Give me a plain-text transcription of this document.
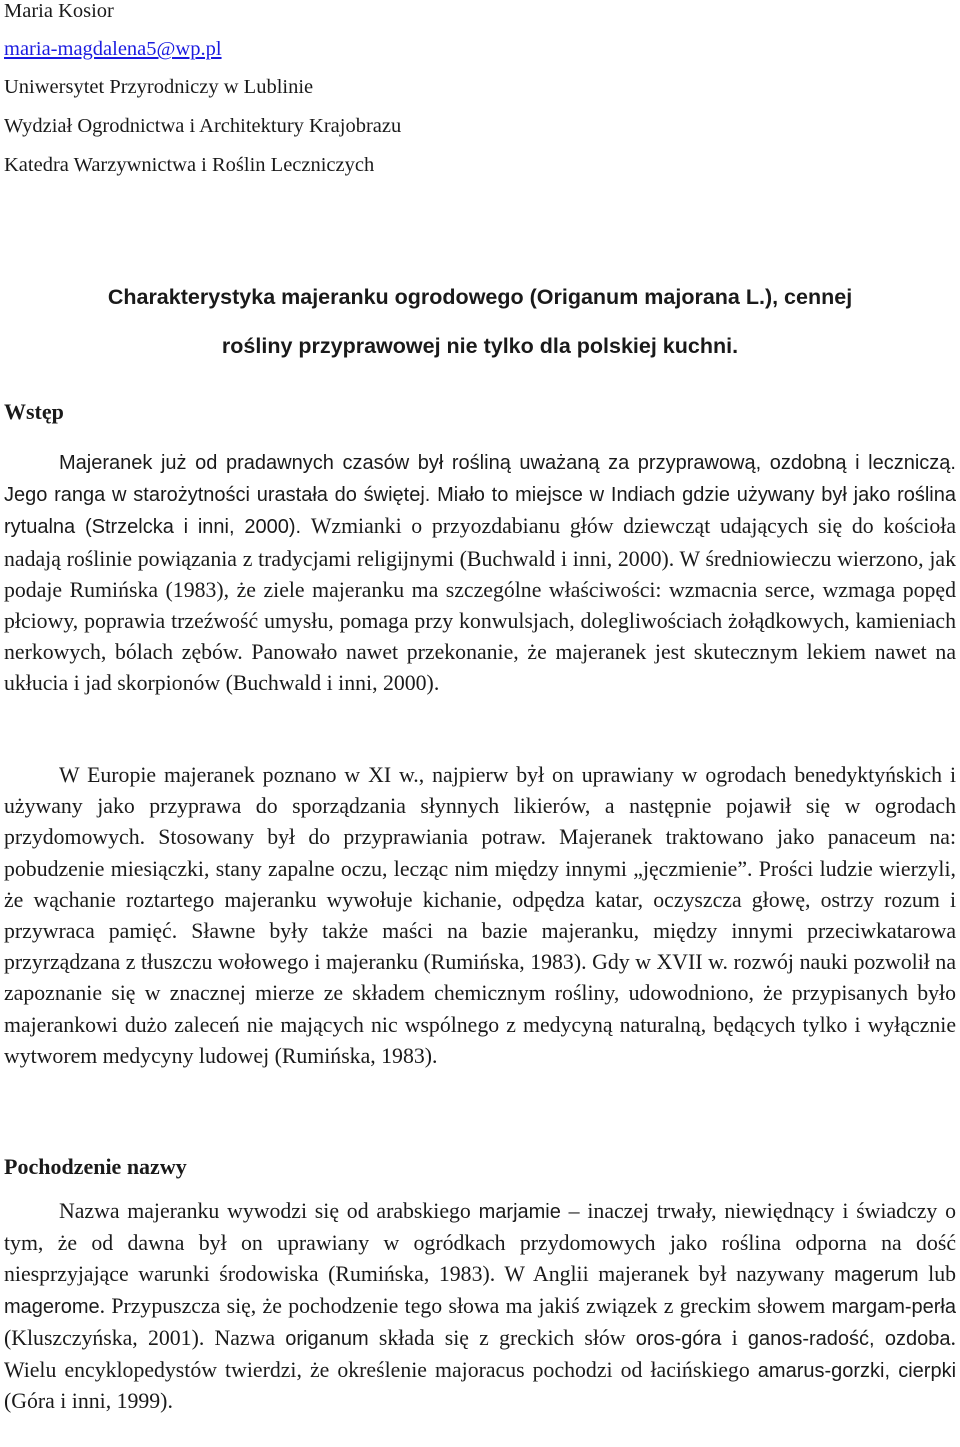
Maria Kosior
maria-magdalena5@wp.pl
Uniwersytet Przyrodniczy w Lublinie
Wydział Ogrodnictwa i Architektury Krajobrazu
Katedra Warzywnictwa i Roślin Leczniczych
Charakterystyka majeranku ogrodowego (Origanum majorana L.), cennej
rośliny przyprawowej nie tylko dla polskiej kuchni.
Wstęp
Majeranek już od pradawnych czasów był rośliną uważaną za przyprawową, ozdobną i leczniczą. Jego ranga w starożytności urastała do świętej. Miało to miejsce w Indiach gdzie używany był jako roślina rytualna (Strzelcka i inni, 2000). Wzmianki o przyozdabianu głów dziewcząt udających się do kościoła nadają roślinie powiązania z tradycjami religijnymi (Buchwald i inni, 2000). W średniowieczu wierzono, jak podaje Rumińska (1983), że ziele majeranku ma szczególne właściwości: wzmacnia serce, wzmaga popęd płciowy, poprawia trzeźwość umysłu, pomaga przy konwulsjach, dolegliwościach żołądkowych, kamieniach nerkowych, bólach zębów. Panowało nawet przekonanie, że majeranek jest skutecznym lekiem nawet na ukłucia i jad skorpionów (Buchwald i inni, 2000).
W Europie majeranek poznano w XI w., najpierw był on uprawiany w ogrodach benedyktyńskich i używany jako przyprawa do sporządzania słynnych likierów, a następnie pojawił się w ogrodach przydomowych. Stosowany był do przyprawiania potraw. Majeranek traktowano jako panaceum na: pobudzenie miesiączki, stany zapalne oczu, lecząc nim między innymi „jęczmienie”. Prości ludzie wierzyli, że wąchanie roztartego majeranku wywołuje kichanie, odpędza katar, oczyszcza głowę, ostrzy rozum i przywraca pamięć. Sławne były także maści na bazie majeranku, między innymi przeciwkatarowa przyrządzana z tłuszczu wołowego i majeranku (Rumińska, 1983). Gdy w XVII w. rozwój nauki pozwolił na zapoznanie się w znacznej mierze ze składem chemicznym rośliny, udowodniono, że przypisanych było majerankowi dużo zaleceń nie mających nic wspólnego z medycyną naturalną, będących tylko i wyłącznie wytworem medycyny ludowej (Rumińska, 1983).
Pochodzenie nazwy
Nazwa majeranku wywodzi się od arabskiego marjamie – inaczej trwały, niewiędnący i świadczy o tym, że od dawna był on uprawiany w ogródkach przydomowych jako roślina odporna na dość niesprzyjające warunki środowiska (Rumińska, 1983). W Anglii majeranek był nazywany magerum lub magerome. Przypuszcza się, że pochodzenie tego słowa ma jakiś związek z greckim słowem margam-perła (Kluszczyńska, 2001). Nazwa origanum składa się z greckich słów oros-góra i ganos-radość, ozdoba. Wielu encyklopedystów twierdzi, że określenie majoracus pochodzi od łacińskiego amarus-gorzki, cierpki (Góra i inni, 1999).
